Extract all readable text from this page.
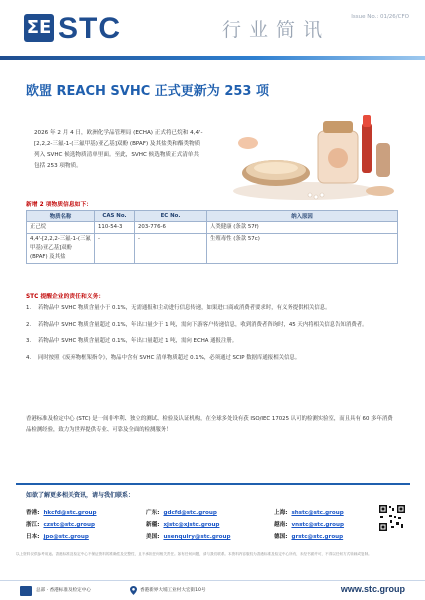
ΣE STC	行业简讯
Issue No.: 01/26/CFO
欧盟 REACH SVHC 正式更新为 253 项
2026 年 2 月 4 日，欧洲化学品管理局 (ECHA) 正式将已烷和 4,4'-[2,2,2-三氟-1-(三氟甲基)亚乙基]双酚 (BPAF) 及其盐类和酯类物质列入 SVHC 候选物质清单里面。至此，SVHC 候选物质正式清单共包括 253 项物质。
新增 2 项物质信息如下：
物质名称	CAS No.	EC No.	纳入原因
正己烷	110-54-3	203-776-6	人类健康 (条款 57f)
4,4'-[2,2,2-三氟-1-(三氟甲基)亚乙基]双酚 (BPAF) 及其盐	-	-	生殖毒性 (条款 57c)
STC 提醒企业的责任和义务：
1.	若物品中 SVHC 物质含量小于 0.1%，无需通报和主动进行信息传递，如果进口商或消费者要求时，有义务提供相关信息。
2.	若物品中 SVHC 物质含量超过 0.1%，年出口量少于 1 吨，需向下游客户传递信息，收到消费者咨询时，45 天内将相关信息告知消费者。
3.	若物品中 SVHC 物质含量超过 0.1%，年出口量超过 1 吨，需向 ECHA 通报注册。
4.	同时按照《废弃物框架指令》，物品中含有 SVHC 清单物质超过 0.1%，必须通过 SCIP 数据库通报相关信息。
香港标准及检定中心 (STC) 是一间非牟利、独立的测试、检验及认证机构，在全球多处设有获 ISO/IEC 17025 认可的检测实验室，而且具有 60 多年消费品检测经验，致力为世界提供专业、可靠及全面的检测服务！
如欲了解更多相关资讯，请与我们联系：
香港: hkcfd@stc.group	广东: gdcfd@stc.group	上海: shstc@stc.group
浙江: czstc@stc.group	新疆: xjstc@xjstc.group	越南: vnstc@stc.group
日本: jpo@stc.group	美国: usenquiry@stc.group	德国: grstc@stc.group
以上资料仅供参考用途。香港标准及检定中心不保证资料的准确性及完整性，且不承担任何相关责任。如有任何问题，请与我们联系。本资料内容版权为香港标准及检定中心所有，未经书面许可，不得以任何方式转载或复制。
总部 · 香港标准及检定中心	香港新界大埔工业村大宏街10号	www.stc.group
